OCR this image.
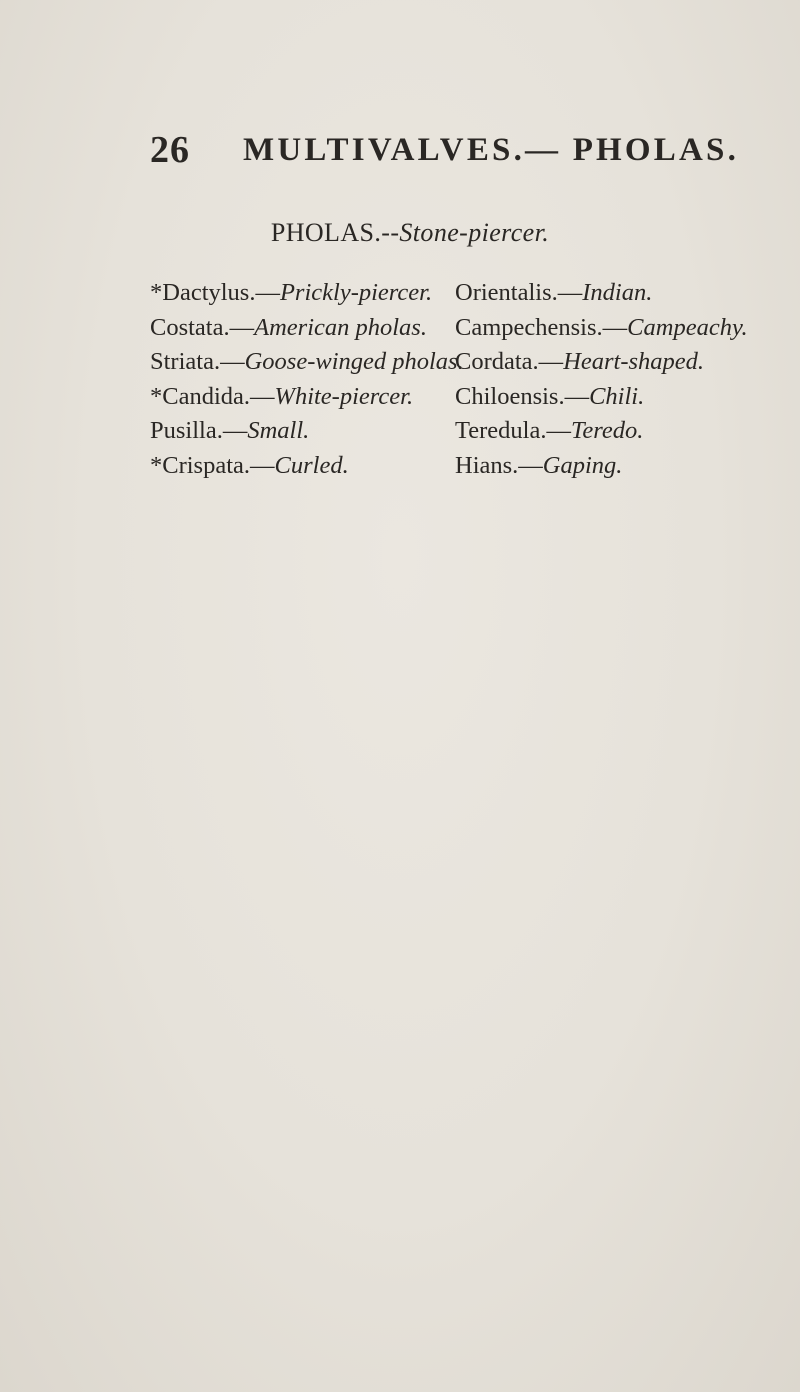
26 MULTIVALVES.— PHOLAS.
PHOLAS.--Stone-piercer.
*Dactylus.—Prickly-piercer.
Costata.—American pholas.
Striata.—Goose-winged pholas.
*Candida.—White-piercer.
Pusilla.—Small.
*Crispata.—Curled.
Orientalis.—Indian.
Campechensis.—Campeachy.
Cordata.—Heart-shaped.
Chiloensis.—Chili.
Teredula.—Teredo.
Hians.—Gaping.
